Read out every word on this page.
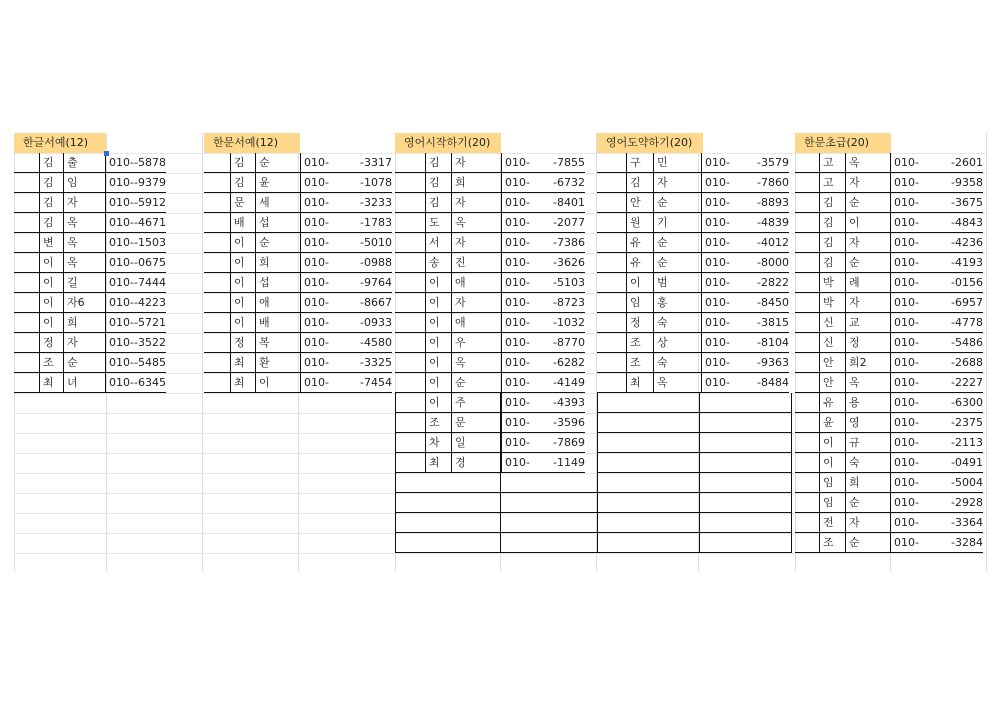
한글서예(12)
김 출	010- -5878
김 임	010- -9379
김 자	010- -5912
김 옥	010- -4671
변 옥	010- -1503
이 옥	010- -0675
이 길	010- -7444
이 자6 010- -4223
이 희	010- -5721
정 자	010- -3522
조 순	010- -5485
최 녀	010- -6345
한문서예(12)
김 순	010-	-3317
김 윤	010-	-1078
문 세	010-	-3233
배 섭	010-	-1783
이 순	010-	-5010
이 희	010-	-0988
이 섭	010-	-9764
이 애	010-	-8667
이 배	010-	-0933
정 복	010-	-4580
최 환	010-	-3325
최 이	010-	-7454
영어시작하기(20)
김 자	010-	-7855
김 희	010-	-6732
김 자	010-	-8401
도 옥	010-	-2077
서 자	010-	-7386
송 진	010-	-3626
이 애	010-	-5103
이 자	010-	-8723
이 애	010-	-1032
이 우	010-	-8770
이 옥	010-	-6282
이 순	010-	-4149
이 주	010-	-4393
조 문	010-	-3596
차 일	010-	-7869
최 경	010-	-1149
영어도약하기(20)
구 민	010-	-3579
김 자	010-	-7860
안 순	010-	-8893
원 기	010-	-4839
유 순	010-	-4012
유 순	010-	-8000
이 범	010-	-2822
임 홍	010-	-8450
정 숙	010-	-3815
조 상	010-	-8104
조 숙	010-	-9363
최 옥	010-	-8484
한문초급(20)
고 옥	010-	-2601
고 자	010-	-9358
김 순	010-	-3675
김 이	010-	-4843
김 자	010-	-4236
김 순	010-	-4193
박 례	010-	-0156
박 자	010-	-6957
신 교	010-	-4778
신 정	010-	-5486
안 희2 010-	-2688
안 옥	010-	-2227
유 용	010-	-6300
윤 영	010-	-2375
이 규	010-	-2113
이 숙	010-	-0491
임 희	010-	-5004
임 순	010-	-2928
전 자	010-	-3364
조 순	010-	-3284
